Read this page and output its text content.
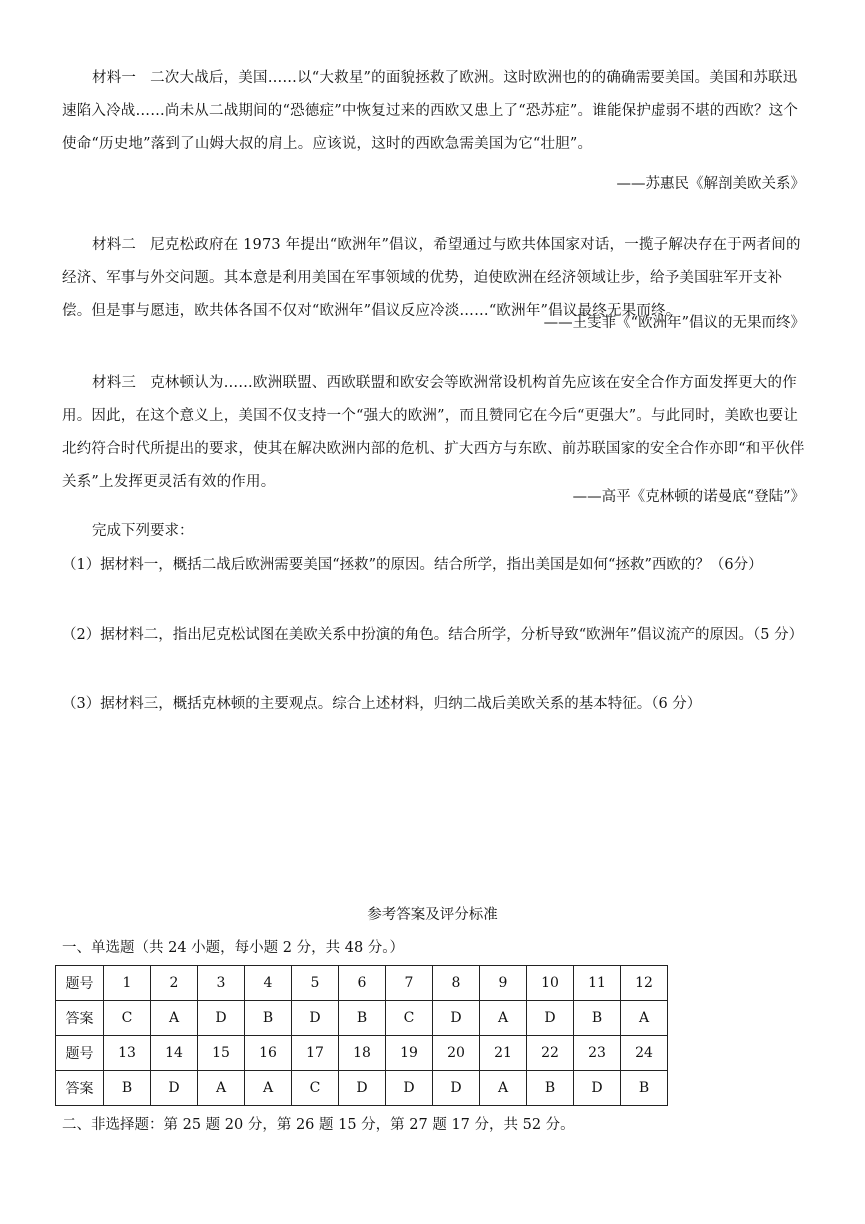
材料一 二次大战后，美国……以“大救星”的面貌拯救了欧洲。这时欧洲也的的确确需要美国。美国和苏联迅速陷入冷战……尚未从二战期间的“恐德症”中恢复过来的西欧又患上了“恐苏症”。谁能保护虚弱不堪的西欧？这个使命“历史地”落到了山姆大叔的肩上。应该说，这时的西欧急需美国为它“壮胆”。

——苏惠民《解剖美欧关系》

材料二 尼克松政府在 1973 年提出“欧洲年”倡议，希望通过与欧共体国家对话，一揽子解决存在于两者间的经济、军事与外交问题。其本意是利用美国在军事领域的优势，迫使欧洲在经济领域让步，给予美国驻军开支补偿。但是事与愿违，欧共体各国不仅对“欧洲年”倡议反应冷淡……“欧洲年”倡议最终无果而终。

——王雯菲《“欧洲年”倡议的无果而终》

材料三 克林顿认为……欧洲联盟、西欧联盟和欧安会等欧洲常设机构首先应该在安全合作方面发挥更大的作用。因此，在这个意义上，美国不仅支持一个“强大的欧洲”，而且赞同它在今后“更强大”。与此同时，美欧也要让北约符合时代所提出的要求，使其在解决欧洲内部的危机、扩大西方与东欧、前苏联国家的安全合作亦即“和平伙伴关系”上发挥更灵活有效的作用。

——高平《克林顿的诺曼底“登陆”》

完成下列要求：

（1）据材料一，概括二战后欧洲需要美国“拯救”的原因。结合所学，指出美国是如何“拯救”西欧的？（6分）

（2）据材料二，指出尼克松试图在美欧关系中扮演的角色。结合所学，分析导致“欧洲年”倡议流产的原因。（5 分）

（3）据材料三，概括克林顿的主要观点。综合上述材料，归纳二战后美欧关系的基本特征。（6 分）

参考答案及评分标准

一、单选题（共 24 小题，每小题 2 分，共 48 分。）

题号	1	2	3	4	5	6	7	8	9	10	11	12
答案	C	A	D	B	D	B	C	D	A	D	B	A
题号	13	14	15	16	17	18	19	20	21	22	23	24
答案	B	D	A	A	C	D	D	D	A	B	D	B

二、非选择题：第 25 题 20 分，第 26 题 15 分，第 27 题 17 分，共 52 分。
